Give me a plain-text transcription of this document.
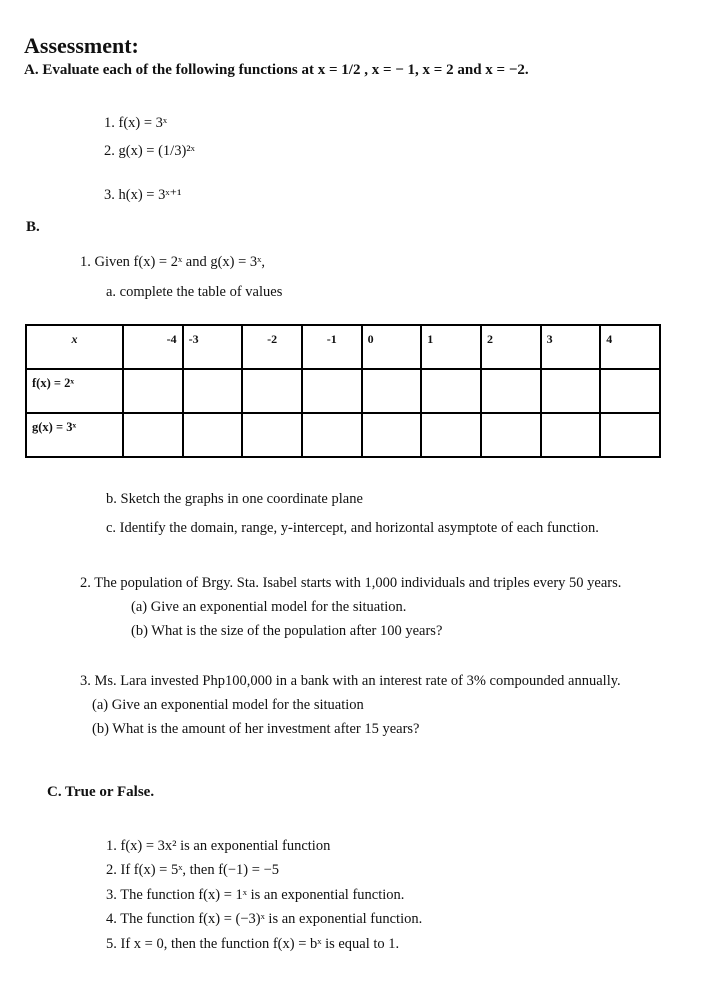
Assessment:
A. Evaluate each of the following functions at x = 1/2 , x = − 1, x = 2 and x = −2.
1. f(x) = 3ˣ
2. g(x) = (1/3)²ˣ
3. h(x) = 3ˣ⁺¹
B.
1. Given f(x) = 2ˣ and g(x) = 3ˣ,
a. complete the table of values
x	-4	-3	-2	-1	0	1	2	3	4
f(x) = 2ˣ									
g(x) = 3ˣ									
b. Sketch the graphs in one coordinate plane
c. Identify the domain, range, y-intercept, and horizontal asymptote of each function.
2. The population of Brgy. Sta. Isabel starts with 1,000 individuals and triples every 50 years.
(a) Give an exponential model for the situation.
(b) What is the size of the population after 100 years?
3. Ms. Lara invested Php100,000 in a bank with an interest rate of 3% compounded annually.
(a) Give an exponential model for the situation
(b) What is the amount of her investment after 15 years?
C. True or False.
1. f(x) = 3x² is an exponential function
2. If f(x) = 5ˣ, then f(−1) = −5
3. The function f(x) = 1ˣ is an exponential function.
4. The function f(x) = (−3)ˣ is an exponential function.
5. If x = 0, then the function f(x) = bˣ is equal to 1.
